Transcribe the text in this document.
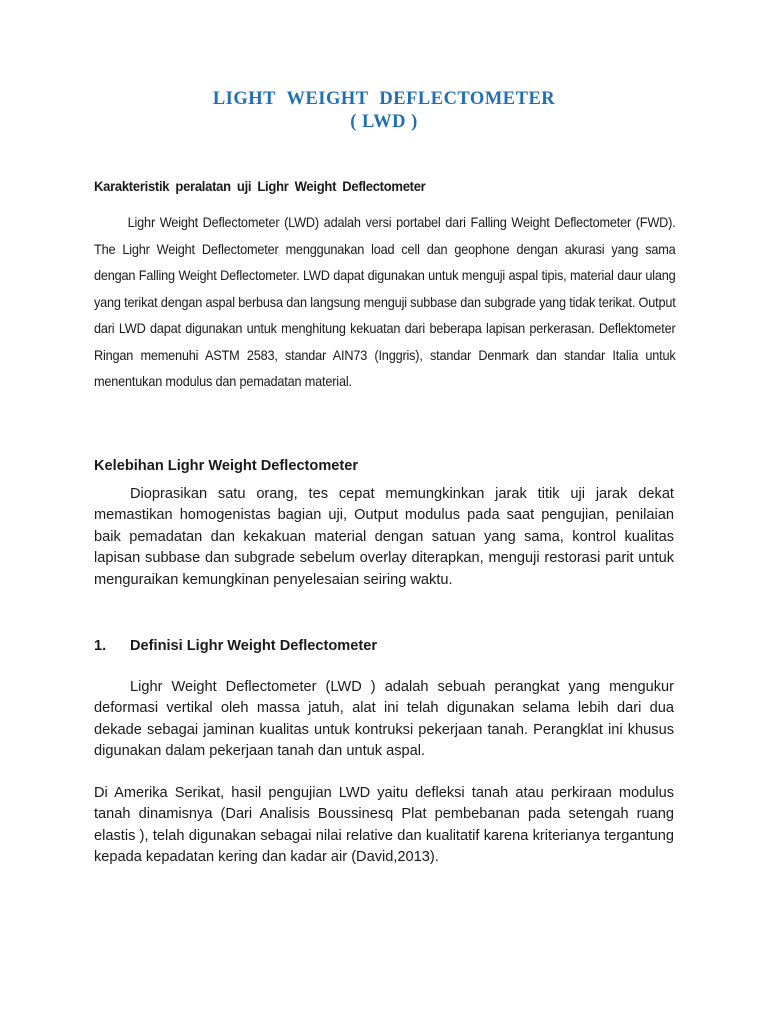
LIGHT WEIGHT DEFLECTOMETER
( LWD )
Karakteristik peralatan uji Lighr Weight Deflectometer
Lighr Weight Deflectometer (LWD) adalah versi portabel dari Falling Weight Deflectometer (FWD). The Lighr Weight Deflectometer menggunakan load cell dan geophone dengan akurasi yang sama dengan Falling Weight Deflectometer. LWD dapat digunakan untuk menguji aspal tipis, material daur ulang yang terikat dengan aspal berbusa dan langsung menguji subbase dan subgrade yang tidak terikat. Output dari LWD dapat digunakan untuk menghitung kekuatan dari beberapa lapisan perkerasan. Deflektometer Ringan memenuhi ASTM 2583, standar AIN73 (Inggris), standar Denmark dan standar Italia untuk menentukan modulus dan pemadatan material.
Kelebihan Lighr Weight Deflectometer
Dioprasikan satu orang, tes cepat memungkinkan jarak titik uji jarak dekat memastikan homogenistas bagian uji, Output modulus pada saat pengujian, penilaian baik pemadatan dan kekakuan material dengan satuan yang sama, kontrol kualitas lapisan subbase dan subgrade sebelum overlay diterapkan, menguji restorasi parit untuk menguraikan kemungkinan penyelesaian seiring waktu.
1. Definisi Lighr Weight Deflectometer
Lighr Weight Deflectometer (LWD ) adalah sebuah perangkat yang mengukur deformasi vertikal oleh massa jatuh, alat ini telah digunakan selama lebih dari dua dekade sebagai jaminan kualitas untuk kontruksi pekerjaan tanah. Perangklat ini khusus digunakan dalam pekerjaan tanah dan untuk aspal.
Di Amerika Serikat, hasil pengujian LWD yaitu defleksi tanah atau perkiraan modulus tanah dinamisnya (Dari Analisis Boussinesq Plat pembebanan pada setengah ruang elastis ), telah digunakan sebagai nilai relative dan kualitatif karena kriterianya tergantung kepada kepadatan kering dan kadar air (David,2013).
